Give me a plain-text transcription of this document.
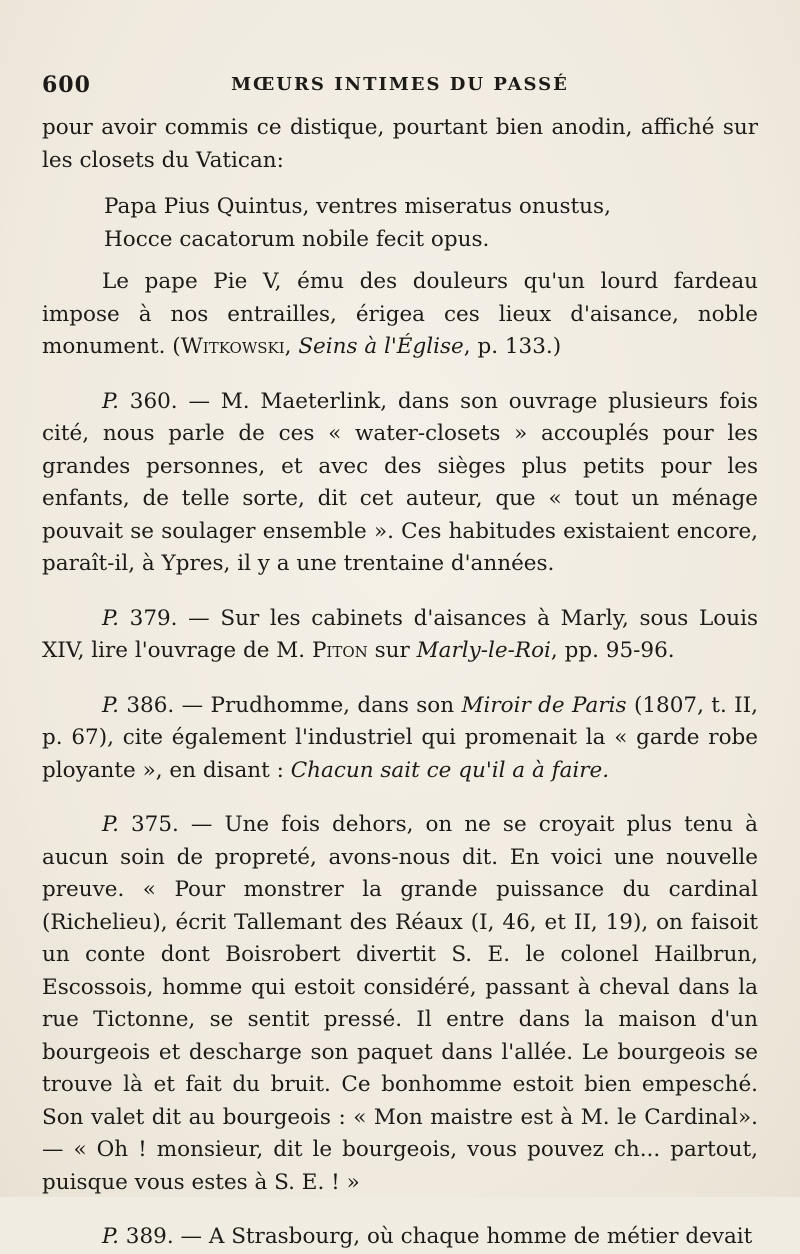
600	MŒURS INTIMES DU PASSÉ

pour avoir commis ce distique, pourtant bien anodin, affiché sur les closets du Vatican:

Papa Pius Quintus, ventres miseratus onustus,

Hocce cacatorum nobile fecit opus.

Le pape Pie V, ému des douleurs qu'un lourd fardeau impose à nos entrailles, érigea ces lieux d'aisance, noble monument. (Witkowski, Seins à l'Église, p. 133.)

P. 360. — M. Maeterlink, dans son ouvrage plusieurs fois cité, nous parle de ces « water-closets » accouplés pour les grandes personnes, et avec des sièges plus petits pour les enfants, de telle sorte, dit cet auteur, que « tout un ménage pouvait se soulager ensemble ». Ces habitudes existaient encore, paraît-il, à Ypres, il y a une trentaine d'années.

P. 379. — Sur les cabinets d'aisances à Marly, sous Louis XIV, lire l'ouvrage de M. Piton sur Marly-le-Roi, pp. 95-96.

P. 386. — Prudhomme, dans son Miroir de Paris (1807, t. II, p. 67), cite également l'industriel qui promenait la « garde robe ployante », en disant : Chacun sait ce qu'il a à faire.

P. 375. — Une fois dehors, on ne se croyait plus tenu à aucun soin de propreté, avons-nous dit. En voici une nouvelle preuve. « Pour monstrer la grande puissance du cardinal (Richelieu), écrit Tallemant des Réaux (I, 46, et II, 19), on faisoit un conte dont Boisrobert divertit S. E. le colonel Hailbrun, Escossois, homme qui estoit considéré, passant à cheval dans la rue Tictonne, se sentit pressé. Il entre dans la maison d'un bourgeois et descharge son paquet dans l'allée. Le bourgeois se trouve là et fait du bruit. Ce bonhomme estoit bien empesché. Son valet dit au bourgeois : « Mon maistre est à M. le Cardinal». — « Oh ! monsieur, dit le bourgeois, vous pouvez ch... partout, puisque vous estes à S. E. ! »

P. 389. — A Strasbourg, où chaque homme de métier devait
